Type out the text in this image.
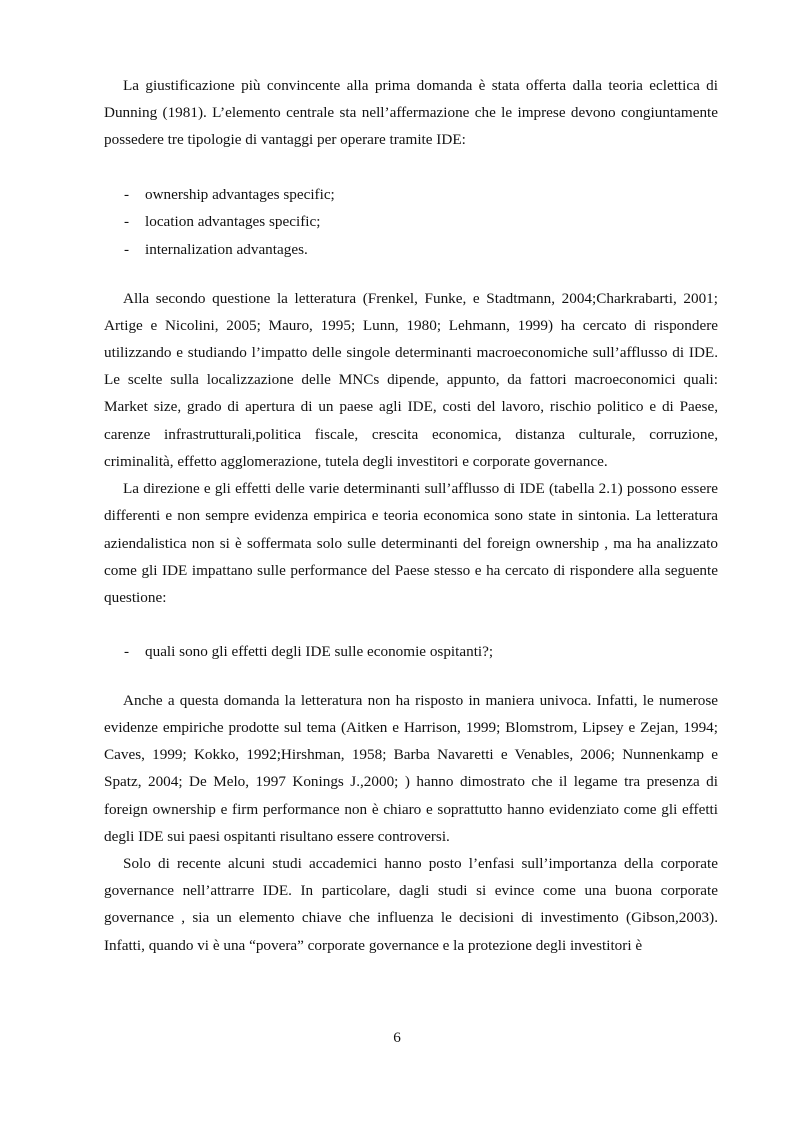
La giustificazione più convincente alla prima domanda è stata offerta dalla teoria eclettica di Dunning (1981). L’elemento centrale sta nell’affermazione che le imprese devono congiuntamente possedere tre tipologie di vantaggi per operare tramite IDE:

- ownership advantages specific;
- location advantages specific;
- internalization advantages.

Alla secondo questione la letteratura (Frenkel, Funke, e Stadtmann, 2004;Charkrabarti, 2001; Artige e Nicolini, 2005; Mauro, 1995; Lunn, 1980; Lehmann, 1999) ha cercato di rispondere utilizzando e studiando l’impatto delle singole determinanti macroeconomiche sull’afflusso di IDE. Le scelte sulla localizzazione delle MNCs dipende, appunto, da fattori macroeconomici quali: Market size, grado di apertura di un paese agli IDE, costi del lavoro, rischio politico e di Paese, carenze infrastrutturali,politica fiscale, crescita economica, distanza culturale, corruzione, criminalità, effetto agglomerazione, tutela degli investitori e corporate governance.

La direzione e gli effetti delle varie determinanti sull’afflusso di IDE (tabella 2.1) possono essere differenti e non sempre evidenza empirica e teoria economica sono state in sintonia. La letteratura aziendalistica non si è soffermata solo sulle determinanti del foreign ownership , ma ha analizzato come gli IDE impattano sulle performance del Paese stesso e ha cercato di rispondere alla seguente questione:

- quali sono gli effetti degli IDE sulle economie ospitanti?;

Anche a questa domanda la letteratura non ha risposto in maniera univoca. Infatti, le numerose evidenze empiriche prodotte sul tema (Aitken e Harrison, 1999; Blomstrom, Lipsey e Zejan, 1994; Caves, 1999; Kokko, 1992;Hirshman, 1958; Barba Navaretti e Venables, 2006; Nunnenkamp e Spatz, 2004; De Melo, 1997 Konings J.,2000; ) hanno dimostrato che il legame tra presenza di foreign ownership e firm performance non è chiaro e soprattutto hanno evidenziato come gli effetti degli IDE sui paesi ospitanti risultano essere controversi.

Solo di recente alcuni studi accademici hanno posto l’enfasi sull’importanza della corporate governance nell’attrarre IDE. In particolare, dagli studi si evince come una buona corporate governance , sia un elemento chiave che influenza le decisioni di investimento (Gibson,2003). Infatti, quando vi è una “povera” corporate governance e la protezione degli investitori è

6
